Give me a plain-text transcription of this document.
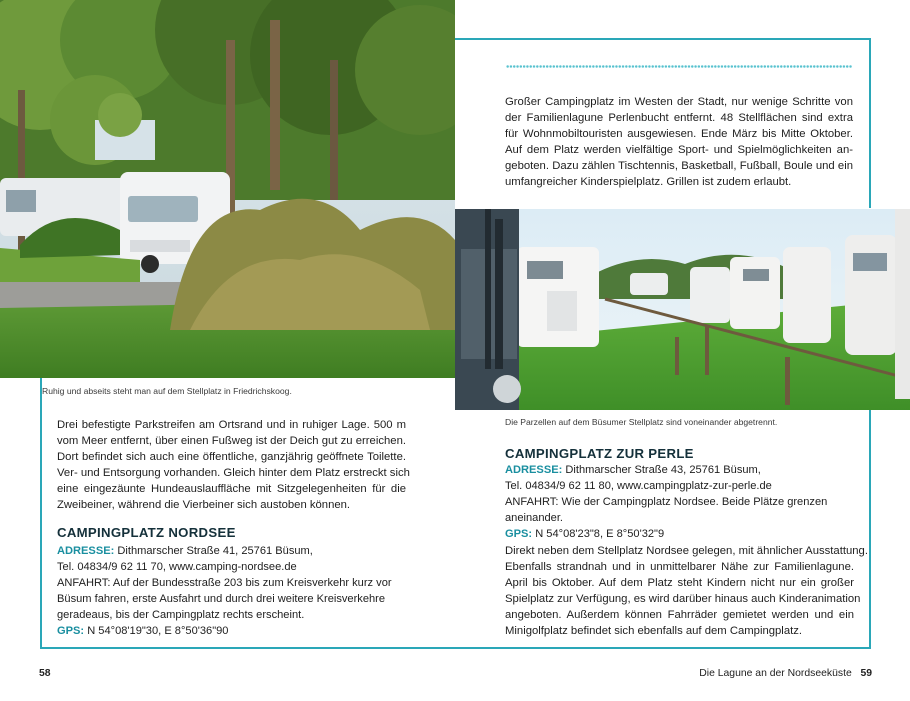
Ruhig und abseits steht man auf dem Stellplatz in Friedrichskoog.
Drei befestigte Parkstreifen am Ortsrand und in ruhiger Lage. 500 m
vom Meer entfernt, über einen Fußweg ist der Deich gut zu erreichen.
Dort befindet sich auch eine öffentliche, ganzjährig geöffnete Toilette.
Ver- und Entsorgung vorhanden. Gleich hinter dem Platz erstreckt sich
eine eingezäunte Hundeauslauffläche mit Sitzgelegenheiten für die
Zweibeiner, während die Vierbeiner sich austoben können.
CAMPINGPLATZ NORDSEE
ADRESSE: Dithmarscher Straße 41, 25761 Büsum,
Tel. 04834/9 62 11 70, www.camping-nordsee.de
ANFAHRT: Auf der Bundesstraße 203 bis zum Kreisverkehr kurz vor
Büsum fahren, erste Ausfahrt und durch drei weitere Kreisverkehre
geradeaus, bis der Campingplatz rechts erscheint.
GPS: N 54°08'19"30, E 8°50'36"90
58
Großer Campingplatz im Westen der Stadt, nur wenige Schritte von
der Familienlagune Perlenbucht entfernt. 48 Stellflächen sind extra
für Wohnmobiltouristen ausgewiesen. Ende März bis Mitte Oktober.
Auf dem Platz werden vielfältige Sport- und Spielmöglichkeiten an-
geboten. Dazu zählen Tischtennis, Basketball, Fußball, Boule und ein
umfangreicher Kinderspielplatz. Grillen ist zudem erlaubt.
Die Parzellen auf dem Büsumer Stellplatz sind voneinander abgetrennt.
CAMPINGPLATZ ZUR PERLE
ADRESSE: Dithmarscher Straße 43, 25761 Büsum,
Tel. 04834/9 62 11 80, www.campingplatz-zur-perle.de
ANFAHRT: Wie der Campingplatz Nordsee. Beide Plätze grenzen
aneinander.
GPS: N 54°08'23"8, E 8°50'32"9
Direkt neben dem Stellplatz Nordsee gelegen, mit ähnlicher Ausstattung.
Ebenfalls strandnah und in unmittelbarer Nähe zur Familienlagune.
April bis Oktober. Auf dem Platz steht Kindern nicht nur ein großer
Spielplatz zur Verfügung, es wird darüber hinaus auch Kinderanimation
angeboten. Außerdem können Fahrräder gemietet werden und ein
Minigolfplatz befindet sich ebenfalls auf dem Campingplatz.
Die Lagune an der Nordseeküste 59
